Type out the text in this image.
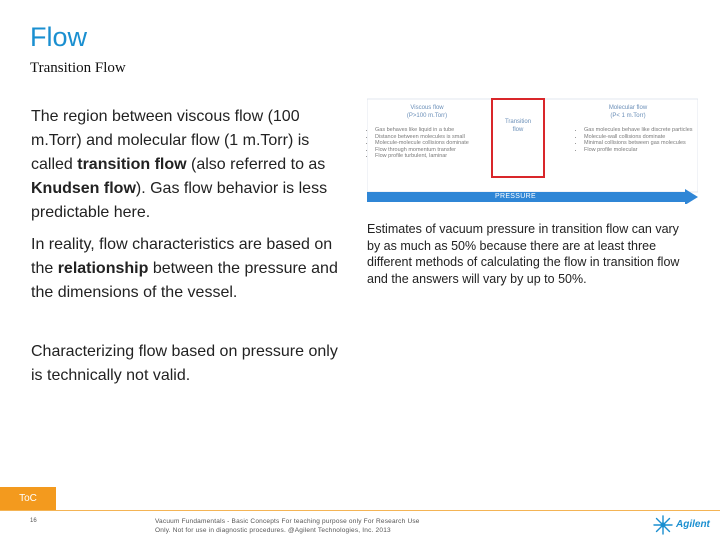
Flow
Transition Flow
The region between viscous flow (100 m.Torr) and molecular flow (1 m.Torr) is called transition flow (also referred to as Knudsen flow). Gas flow behavior is less predictable here.
In reality, flow characteristics are based on the relationship between the pressure and the dimensions of the vessel.
Characterizing flow based on pressure only is technically not valid.
Viscous flow
(P>100 m.Torr)
Transition
flow
Molecular flow
(P< 1 m.Torr)
• Gas behaves like liquid in a tube
• Distance between molecules is small
• Molecule-molecule collisions dominate
• Flow through momentum transfer
• Flow profile turbulent, laminar
• Gas molecules behave like discrete particles
• Molecule-wall collisions dominate
• Minimal collisions between gas molecules
• Flow profile molecular
PRESSURE
Estimates of vacuum pressure in transition flow can vary by as much as 50% because there are at least three different methods of calculating the flow in transition flow and the answers will vary by up to 50%.
ToC
16	Vacuum Fundamentals - Basic Concepts For teaching purpose only For Research Use
Only. Not for use in diagnostic procedures. @Agilent Technologies, Inc. 2013
Agilent
